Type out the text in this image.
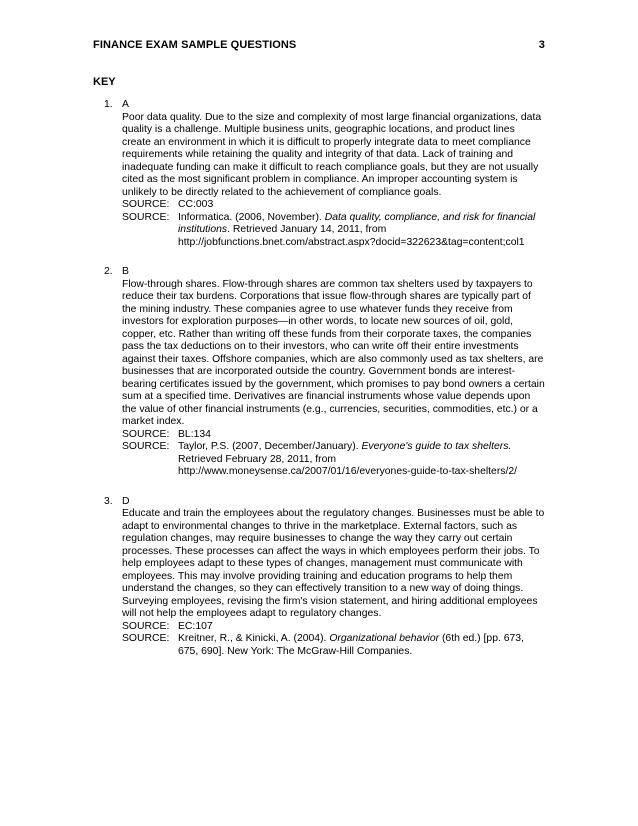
FINANCE EXAM SAMPLE QUESTIONS	3
KEY
1. A
Poor data quality. Due to the size and complexity of most large financial organizations, data quality is a challenge. Multiple business units, geographic locations, and product lines create an environment in which it is difficult to properly integrate data to meet compliance requirements while retaining the quality and integrity of that data. Lack of training and inadequate funding can make it difficult to reach compliance goals, but they are not usually cited as the most significant problem in compliance. An improper accounting system is unlikely to be directly related to the achievement of compliance goals.
SOURCE: CC:003
SOURCE: Informatica. (2006, November). Data quality, compliance, and risk for financial institutions. Retrieved January 14, 2011, from
http://jobfunctions.bnet.com/abstract.aspx?docid=322623&tag=content;col1
2. B
Flow-through shares. Flow-through shares are common tax shelters used by taxpayers to reduce their tax burdens. Corporations that issue flow-through shares are typically part of the mining industry. These companies agree to use whatever funds they receive from investors for exploration purposes—in other words, to locate new sources of oil, gold, copper, etc. Rather than writing off these funds from their corporate taxes, the companies pass the tax deductions on to their investors, who can write off their entire investments against their taxes. Offshore companies, which are also commonly used as tax shelters, are businesses that are incorporated outside the country. Government bonds are interest-bearing certificates issued by the government, which promises to pay bond owners a certain sum at a specified time. Derivatives are financial instruments whose value depends upon the value of other financial instruments (e.g., currencies, securities, commodities, etc.) or a market index.
SOURCE: BL:134
SOURCE: Taylor, P.S. (2007, December/January). Everyone's guide to tax shelters.
Retrieved February 28, 2011, from
http://www.moneysense.ca/2007/01/16/everyones-guide-to-tax-shelters/2/
3. D
Educate and train the employees about the regulatory changes. Businesses must be able to adapt to environmental changes to thrive in the marketplace. External factors, such as regulation changes, may require businesses to change the way they carry out certain processes. These processes can affect the ways in which employees perform their jobs. To help employees adapt to these types of changes, management must communicate with employees. This may involve providing training and education programs to help them understand the changes, so they can effectively transition to a new way of doing things. Surveying employees, revising the firm's vision statement, and hiring additional employees will not help the employees adapt to regulatory changes.
SOURCE: EC:107
SOURCE: Kreitner, R., & Kinicki, A. (2004). Organizational behavior (6th ed.) [pp. 673, 675, 690]. New York: The McGraw-Hill Companies.
